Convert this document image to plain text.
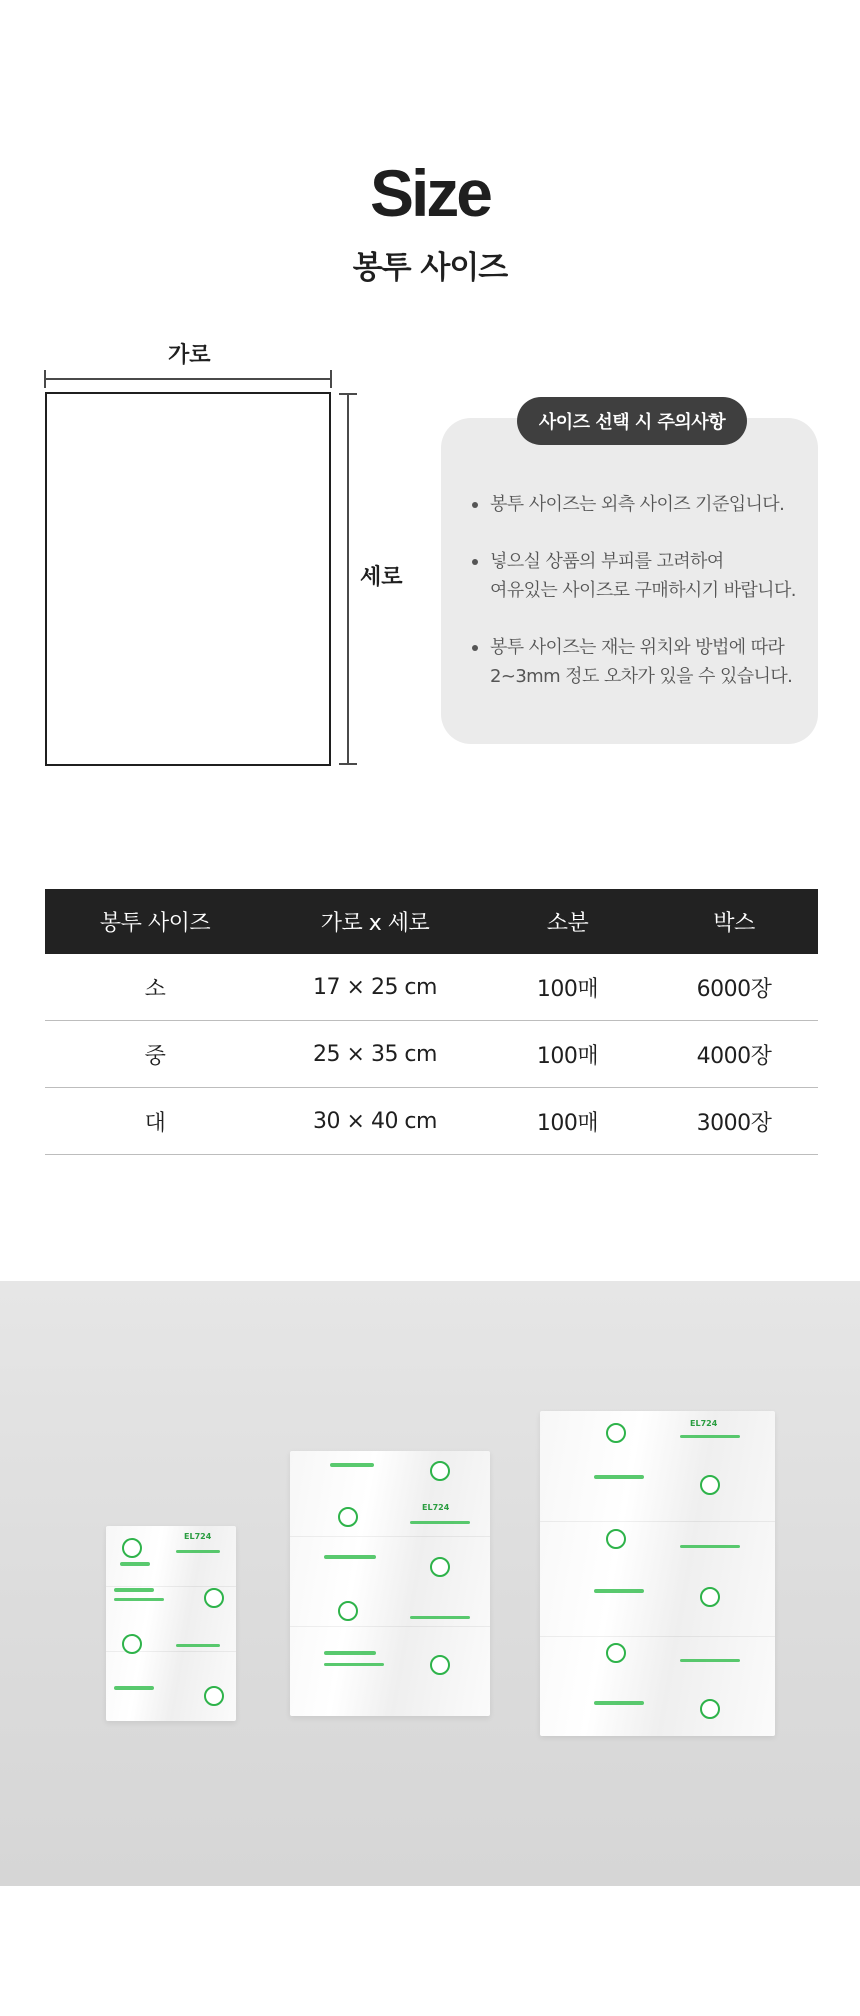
Size
봉투 사이즈
가로
세로
사이즈 선택 시 주의사항
봉투 사이즈는 외측 사이즈 기준입니다.
넣으실 상품의 부피를 고려하여
여유있는 사이즈로 구매하시기 바랍니다.
봉투 사이즈는 재는 위치와 방법에 따라
2~3mm 정도 오차가 있을 수 있습니다.
봉투 사이즈	가로 x 세로	소분	박스
소	17 × 25 cm	100매	6000장
중	25 × 35 cm	100매	4000장
대	30 × 40 cm	100매	3000장
EL724
EL724
EL724
